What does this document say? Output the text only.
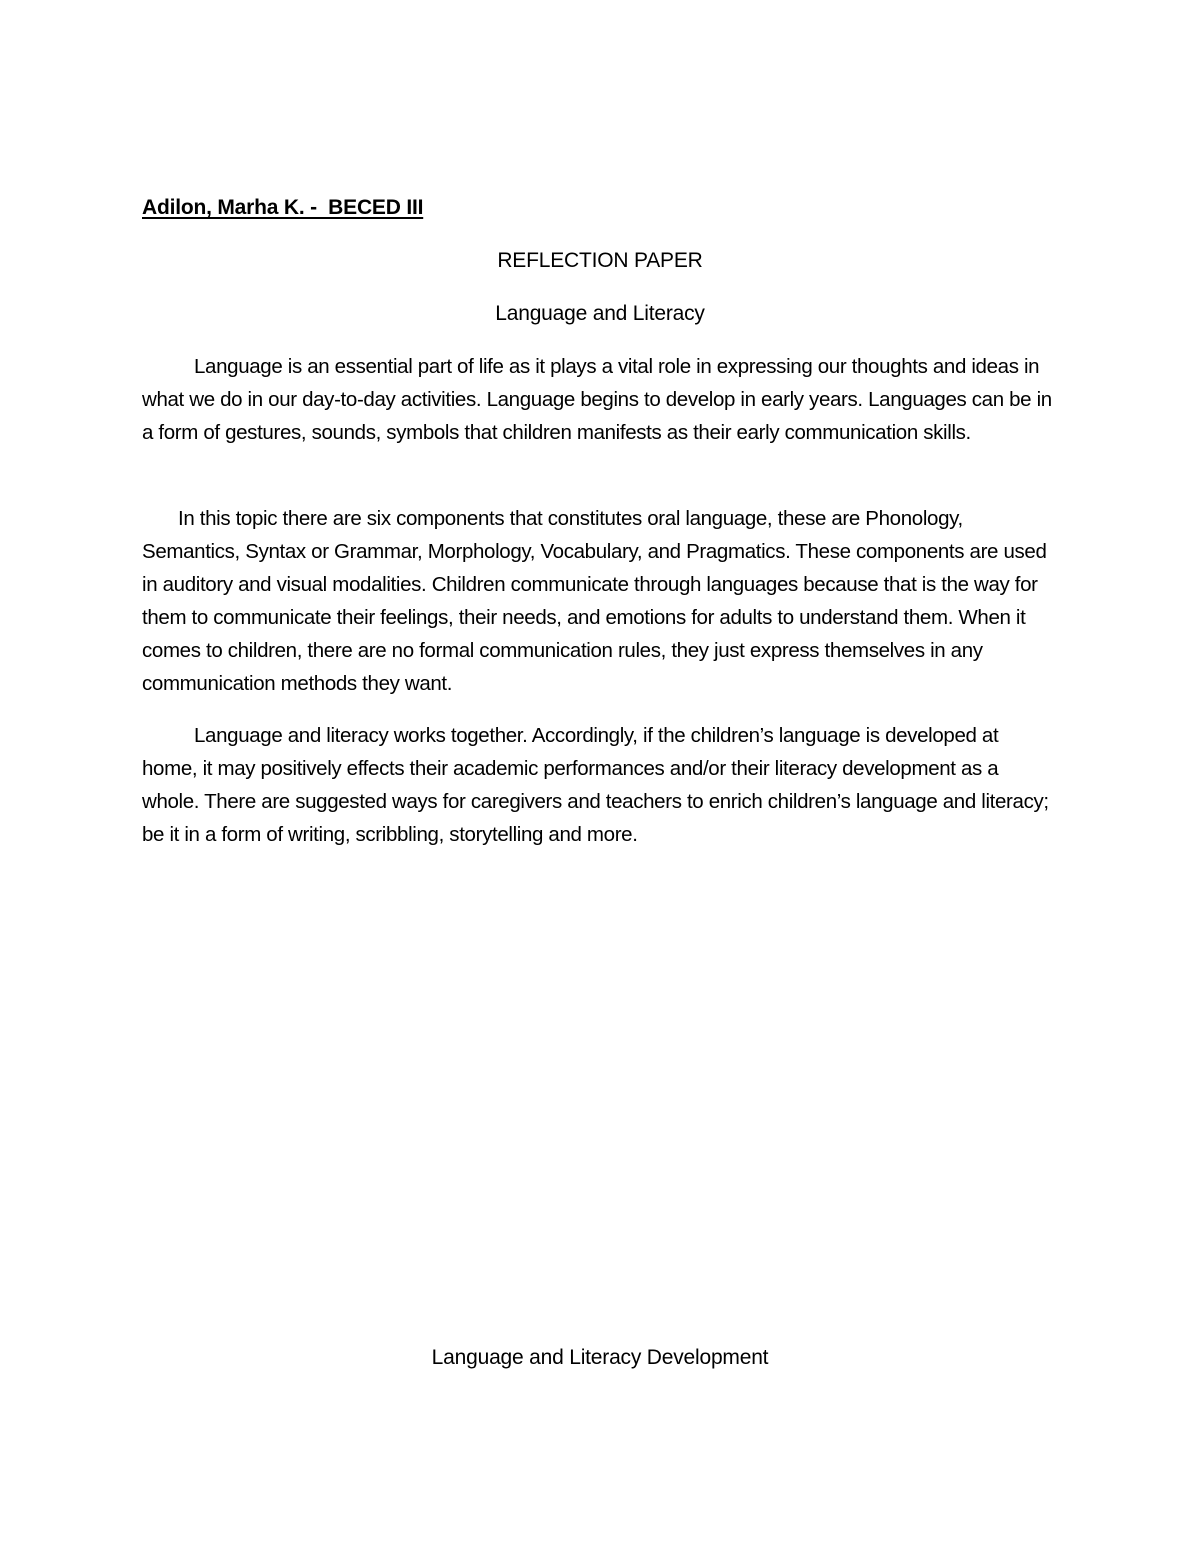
Adilon, Marha K. -  BECED III
REFLECTION PAPER
Language and Literacy

Language is an essential part of life as it plays a vital role in expressing our thoughts and ideas in what we do in our day-to-day activities. Language begins to develop in early years. Languages can be in a form of gestures, sounds, symbols that children manifests as their early communication skills.

In this topic there are six components that constitutes oral language, these are Phonology, Semantics, Syntax or Grammar, Morphology, Vocabulary, and Pragmatics. These components are used in auditory and visual modalities. Children communicate through languages because that is the way for them to communicate their feelings, their needs, and emotions for adults to understand them. When it comes to children, there are no formal communication rules, they just express themselves in any communication methods they want.

Language and literacy works together. Accordingly, if the children’s language is developed at home, it may positively effects their academic performances and/or their literacy development as a whole. There are suggested ways for caregivers and teachers to enrich children’s language and literacy; be it in a form of writing, scribbling, storytelling and more.

Language and Literacy Development
